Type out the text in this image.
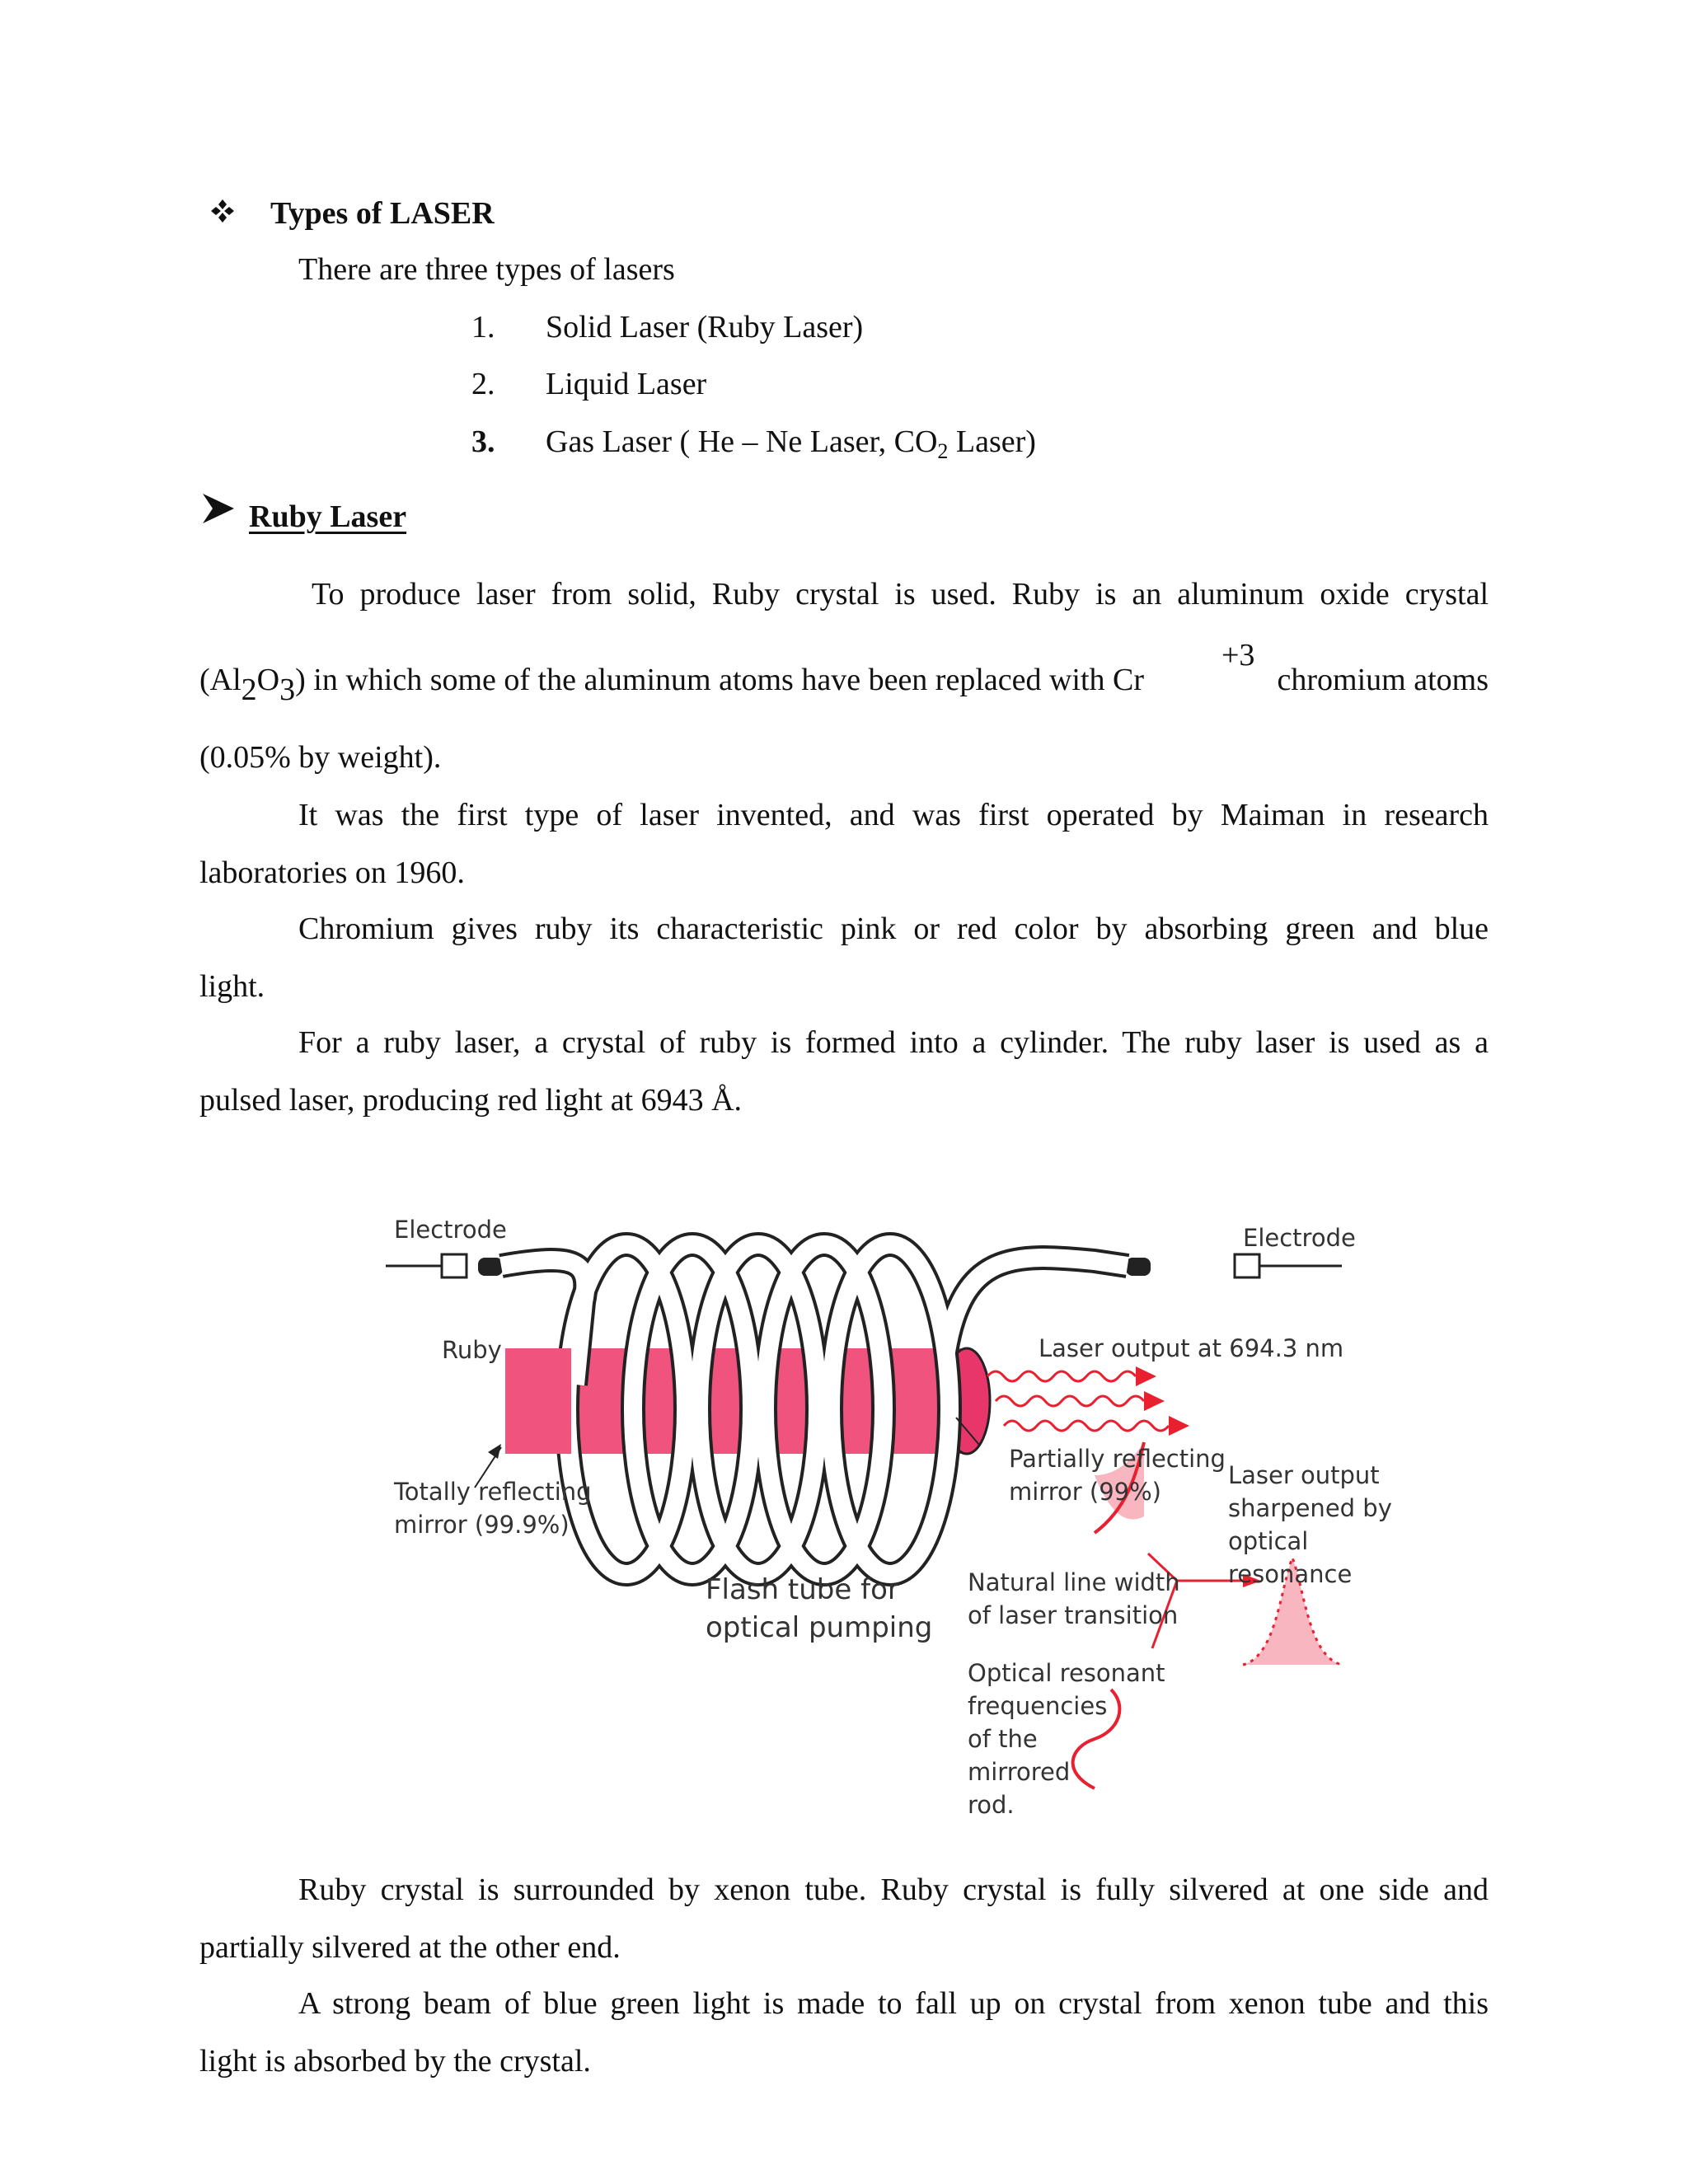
Types of LASER
There are three types of lasers
1. Solid Laser (Ruby Laser)
2. Liquid Laser
3. Gas Laser ( He – Ne Laser, $CO_2$ Laser)
Ruby Laser
To produce laser from solid, Ruby crystal is used. Ruby is an aluminum oxide crystal
(Al2O3) in which some of the aluminum atoms have been replaced with Cr
+3
chromium atoms
(0.05% by weight).
It was the first type of laser invented, and was first operated by Maiman in research
laboratories on 1960.
Chromium gives ruby its characteristic pink or red color by absorbing green and blue
light.
For a ruby laser, a crystal of ruby is formed into a cylinder. The ruby laser is used as a
pulsed laser, producing red light at 6943 Å.
Electrode	Electrode
Ruby	Laser output at 694.3 nm
Partially reflecting
mirror (99%)
Totally reflecting
mirror (99.9%)
Flash tube for
optical pumping
Natural line width
of laser transition
Optical resonant
frequencies
of the
mirrored
rod.
Laser output
sharpened by
optical
resonance
Ruby crystal is surrounded by xenon tube. Ruby crystal is fully silvered at one side and
partially silvered at the other end.
A strong beam of blue green light is made to fall up on crystal from xenon tube and this
light is absorbed by the crystal.
